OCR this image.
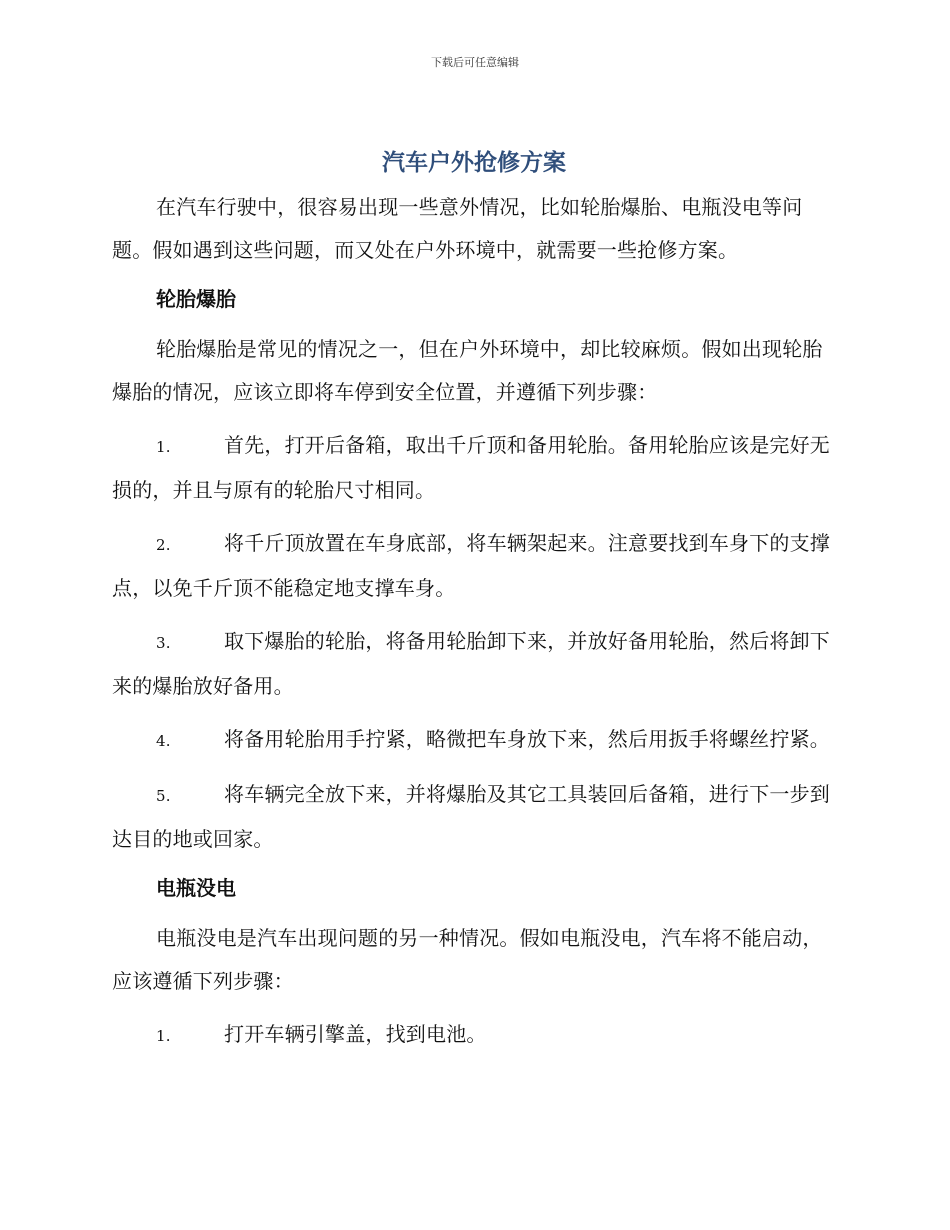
下载后可任意编辑
汽车户外抢修方案

在汽车行驶中，很容易出现一些意外情况，比如轮胎爆胎、电瓶没电等问题。假如遇到这些问题，而又处在户外环境中，就需要一些抢修方案。

轮胎爆胎

轮胎爆胎是常见的情况之一，但在户外环境中，却比较麻烦。假如出现轮胎爆胎的情况，应该立即将车停到安全位置，并遵循下列步骤：

1.	首先，打开后备箱，取出千斤顶和备用轮胎。备用轮胎应该是完好无损的，并且与原有的轮胎尺寸相同。
2.	将千斤顶放置在车身底部，将车辆架起来。注意要找到车身下的支撑点，以免千斤顶不能稳定地支撑车身。
3.	取下爆胎的轮胎，将备用轮胎卸下来，并放好备用轮胎，然后将卸下来的爆胎放好备用。
4.	将备用轮胎用手拧紧，略微把车身放下来，然后用扳手将螺丝拧紧。
5.	将车辆完全放下来，并将爆胎及其它工具装回后备箱，进行下一步到达目的地或回家。
电瓶没电

电瓶没电是汽车出现问题的另一种情况。假如电瓶没电，汽车将不能启动，应该遵循下列步骤：

1.	打开车辆引擎盖，找到电池。
